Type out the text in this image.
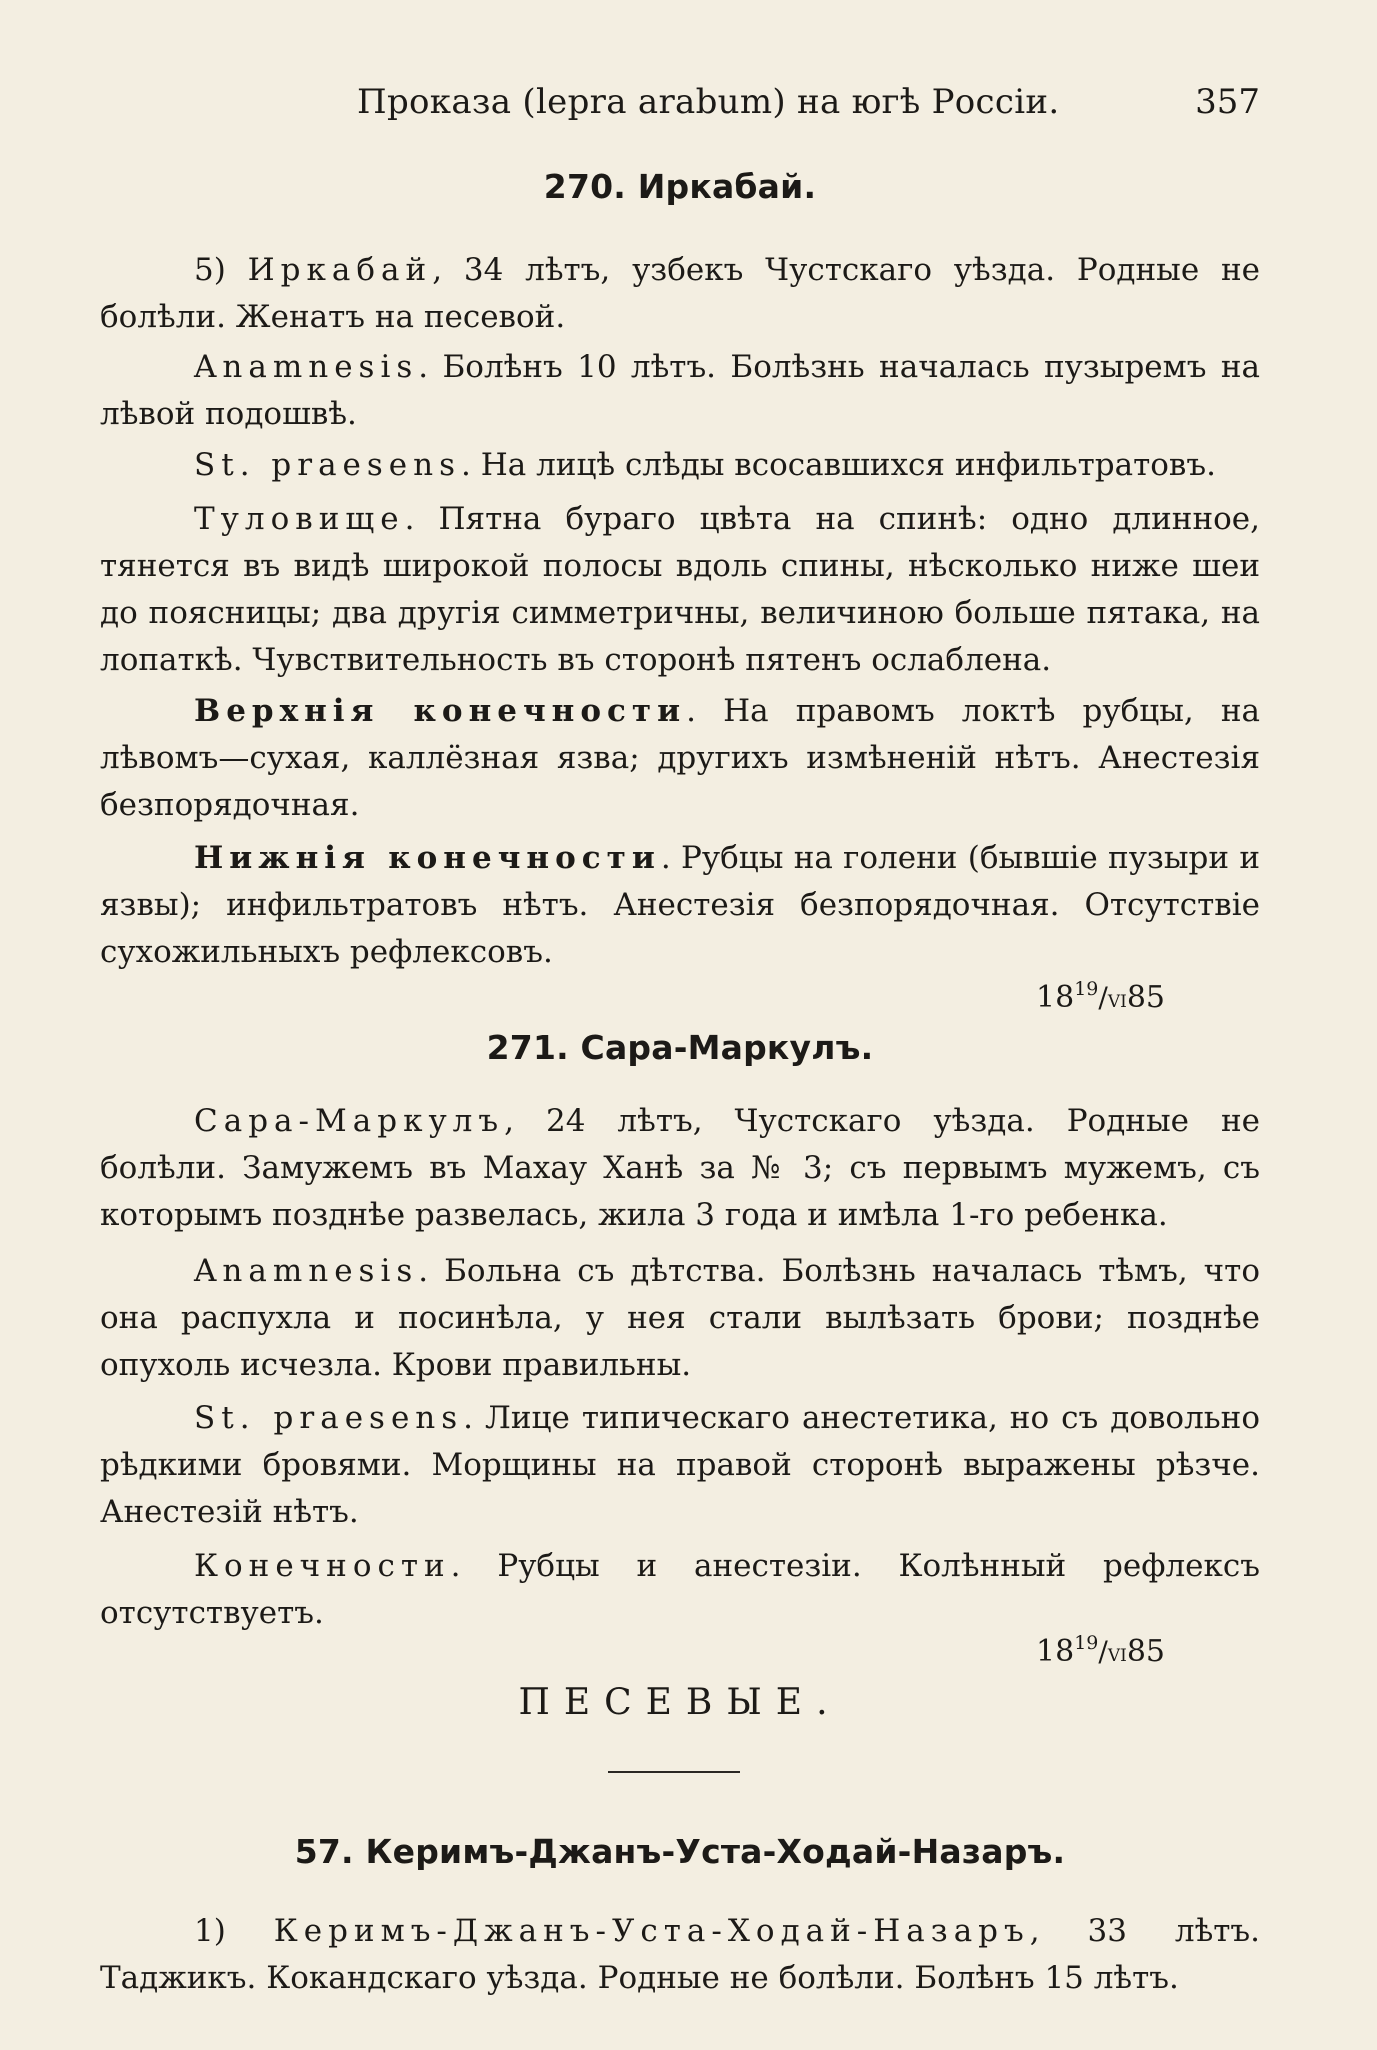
Проказа (lepra arabum) на югѣ Россіи.	357
270. Иркабай.

5) Иркабай, 34 лѣтъ, узбекъ Чустскаго уѣзда. Родные не болѣли. Женатъ на песевой.

Anamnesis. Болѣнъ 10 лѣтъ. Болѣзнь началась пузыремъ на лѣвой подошвѣ.

St. praesens. На лицѣ слѣды всосавшихся инфильтратовъ.

Туловище. Пятна бураго цвѣта на спинѣ: одно длинное, тянется въ видѣ широкой полосы вдоль спины, нѣсколько ниже шеи до поясницы; два другія симметричны, величиною больше пятака, на лопаткѣ. Чувствительность въ сторонѣ пятенъ ослаблена.

Верхнія конечности. На правомъ локтѣ рубцы, на лѣвомъ—сухая, каллёзная язва; другихъ измѣненій нѣтъ. Анестезія безпорядочная.

Нижнія конечности. Рубцы на голени (бывшіе пузыри и язвы); инфильтратовъ нѣтъ. Анестезія безпорядочная. Отсутствіе сухожильныхъ рефлексовъ.

$18^{19}/VI85$
271. Сара-Маркулъ.

Сара-Маркулъ, 24 лѣтъ, Чустскаго уѣзда. Родные не болѣли. Замужемъ въ Махау Ханѣ за № 3; съ первымъ мужемъ, съ которымъ позднѣе развелась, жила 3 года и имѣла 1-го ребенка.

Anamnesis. Больна съ дѣтства. Болѣзнь началась тѣмъ, что она распухла и посинѣла, у нея стали вылѣзать брови; позднѣе опухоль исчезла. Крови правильны.

St. praesens. Лице типическаго анестетика, но съ довольно рѣдкими бровями. Морщины на правой сторонѣ выражены рѣзче. Анестезій нѣтъ.

Конечности. Рубцы и анестезіи. Колѣнный рефлексъ отсутствуетъ.

$18^{19}/VI85$
ПЕСЕВЫЕ.
57. Керимъ-Джанъ-Уста-Ходай-Назаръ.

1) Керимъ-Джанъ-Уста-Ходай-Назаръ, 33 лѣтъ. Таджикъ. Кокандскаго уѣзда. Родные не болѣли. Болѣнъ 15 лѣтъ.
